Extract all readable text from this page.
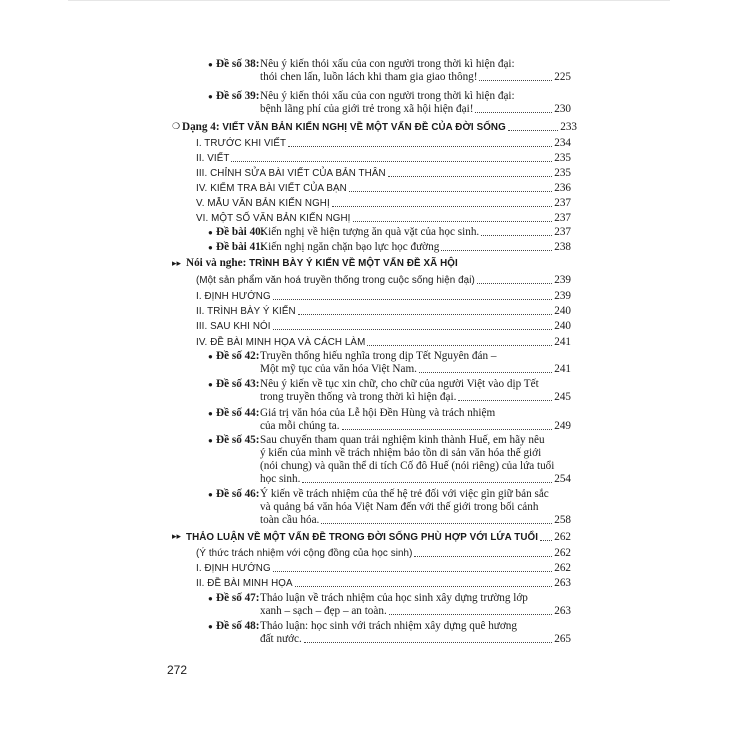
● Đề số 38: Nêu ý kiến thói xấu của con người trong thời kì hiện đại:
thói chen lấn, luồn lách khi tham gia giao thông!	225
● Đề số 39: Nêu ý kiến thói xấu của con người trong thời kì hiện đại:
bệnh lãng phí của giới trẻ trong xã hội hiện đại!	230
❍ Dạng 4:
VIẾT VĂN BẢN KIẾN NGHỊ VỀ MỘT VẤN ĐỀ CỦA ĐỜI SỐNG	233
I. TRƯỚC KHI VIẾT	234
II. VIẾT	235
III. CHỈNH SỬA BÀI VIẾT CỦA BẢN THÂN	235
IV. KIỂM TRA BÀI VIẾT CỦA BẠN	236
V. MẪU VĂN BẢN KIẾN NGHỊ	237
VI. MỘT SỐ VĂN BẢN KIẾN NGHỊ	237
● Đề bài 40:
Kiến nghị về hiện tượng ăn quà vặt của học sinh.	237
● Đề bài 41:
Kiến nghị ngăn chặn bạo lực học đường	238
▸▸ Nói và nghe: TRÌNH BÀY Ý KIẾN VỀ MỘT VẤN ĐỀ XÃ HỘI
(Một sản phẩm văn hoá truyền thống trong cuộc sống hiện đại)	239
I. ĐỊNH HƯỚNG	239
II. TRÌNH BÀY Ý KIẾN	240
III. SAU KHI NÓI	240
IV. ĐỀ BÀI MINH HỌA VÀ CÁCH LÀM	241
● Đề số 42: Truyền thống hiếu nghĩa trong dịp Tết Nguyên đán –
Một mỹ tục của văn hóa Việt Nam.	241
● Đề số 43: Nêu ý kiến về tục xin chữ, cho chữ của người Việt vào dịp Tết
trong truyền thống và trong thời kì hiện đại.	245
● Đề số 44: Giá trị văn hóa của Lễ hội Đền Hùng và trách nhiệm
của mỗi chúng ta.	249
● Đề số 45: Sau chuyến tham quan trải nghiệm kinh thành Huế, em hãy nêu
ý kiến của mình về trách nhiệm bảo tồn di sản văn hóa thế giới
(nói chung) và quần thể di tích Cố đô Huế (nói riêng) của lứa tuổi
học sinh.	254
● Đề số 46: Ý kiến về trách nhiệm của thế hệ trẻ đối với việc gìn giữ bản sắc
và quảng bá văn hóa Việt Nam đến với thế giới trong bối cảnh
toàn cầu hóa.	258
▸▸ THẢO LUẬN VỀ MỘT VẤN ĐỀ TRONG ĐỜI SỐNG PHÙ HỢP VỚI LỨA TUỔI 262
(Ý thức trách nhiệm với cộng đồng của học sinh)	262
I. ĐỊNH HƯỚNG	262
II. ĐỀ BÀI MINH HỌA	263
● Đề số 47: Thảo luận về trách nhiệm của học sinh xây dựng trường lớp
xanh – sạch – đẹp – an toàn.	263
● Đề số 48: Thảo luận: học sinh với trách nhiệm xây dựng quê hương
đất nước.	265
272
